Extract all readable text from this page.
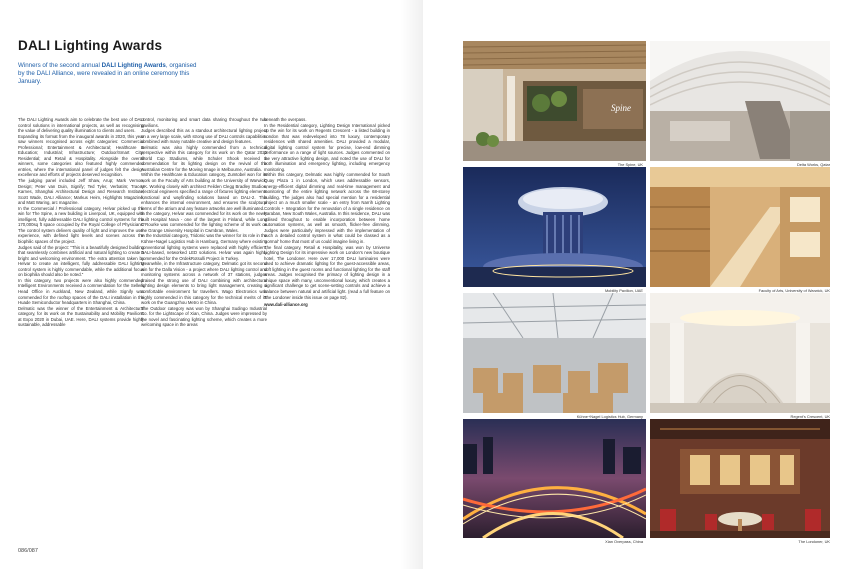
DALI Lighting Awards
Winners of the second annual DALI Lighting Awards, organised by the DALI Alliance, were revealed in an online ceremony this January.

The DALI Lighting Awards aim to celebrate the best use of DALI control solutions in international projects, as well as recognising the value of delivering quality illumination to clients and users.

Expanding its format from the inaugural awards in 2020, this year saw winners recognised across eight categories: Commercial Professional; Entertainment & Architectural; Healthcare & Education; Industrial; Infrastructure; Outdoor/Smart City; Residential; and Retail & Hospitality. Alongside the overall winners, some categories also featured highly commended entries, where the international panel of judges felt the design excellence and efforts of projects deserved recognition.

The judging panel included Jeff Shaw, Arup; Mark Vernon, Design; Peter van Duin, Signify; Ted Tyler, Verbatim; Tracey Karnes, Shanghai Architectural Design and Research Institute; Scott Wade, DALI Alliance; Markus Heim, Highlights Magazine; and Matt Waring, arc magazine.

In the Commercial / Professional category, Helvar picked up the win for The Spine, a new building in Liverpool, UK, equipped with intelligent, fully addressable DALI lighting control systems for the 170,000sq ft space occupied by the Royal College of Physicians. The control system delivers quality of light and improves the user experience, with defined light levels and scenes across the biophilic spaces of the project.

Judges said of the project: "This is a beautifully designed building that seamlessly combines artificial and natural lighting to create a bright and welcoming environment. The extra attention taken by Helvar to create an intelligent, fully addressable DALI lighting control system is highly commendable, while the additional focus on biophilia should also be noted."

In this category, two projects were also highly commended: Intelligent Environments received a commendation for the Sellers Head Office in Auckland, New Zealand, while Signify was commended for the rooftop spaces of the DALI installation in the Huade Semiconductor headquarters in Shanghai, China.

Delmatic was the winner of the Entertainment & Architectural category, for its work on the Sustainability and Mobility Pavilions at Expo 2020 in Dubai, UAE. Here, DALI systems provide highly sustainable, addressable

control, monitoring and smart data sharing throughout the two pavilions.

Judges described this as a standout architectural lighting project on a very large scale, with strong use of DALI controls capabilities combined with many notable creative and design features.

Delmatic was also highly commended from a technical perspective within this category for its work on the Qatar 2022 World Cup Stadiums, while Schuler Shook received a commendation for its lighting design on the revival of the Australian Centre for the Moving Image in Melbourne, Australia.

Within the Healthcare & Education category, Zumtobel won for its work on the Faculty of Arts building at the University of Warwick, UK. Working closely with architect Feilden Clegg Bradley Studios, electrical engineers specified a range of fixtures lighting elements functional and wayfinding solutions based on DALI-2. This enhances the internal environment, and ensures the sculptural forms of the atrium and any feature artworks are well illuminated.

In the category, Helvar was commended for its work on the newly built Hospital Nova - one of the largest in Finland, while Long O'Rourke was commended for the lighting scheme of its work on the Grange University Hospital in Cwmbran, Wales.

In the Industrial category, Tridonic was the winner for its role in the Kühne+Nagel Logistics Hub in Hamburg, Germany where existing conventional lighting systems were replaced with highly efficient, DALI-based, networked LED solutions. Helvar was again highly commended for the OrdekRotsulli Project in Turkey.

Meanwhile, in the Infrastructure category, Delmatic got its second win for the Dalla Vision - a project where DALI lighting control and monitoring systems across a network of 37 stations, judges praised the strong use of DALI combining with architectural lighting design elements to bring light management, creating a comfortable environment for travellers. Wago Electronics was highly commended in this category for the technical merits of its work on the Guangzhou Metro in China.

The Outdoor category was won by Shanghai Sudingo Industrial Co. for the Lightscape of Xian, China. Judges were impressed by the novel and fascinating lighting scheme, which creates a more welcoming space in the areas

beneath the overpass.

In the Residential category, Lighting Design International picked up the win for its work on Regents Crescent - a listed building in London that was redeveloped into 78 luxury, contemporary residences with shared amenities. DALI provided a modular, digital lighting control system for precise, low-end dimming performance on a range of light sources. Judges commented on the very attractive lighting design, and noted the use of DALI for both illumination and emergency lighting, including emergency monitoring.

Within this category, Delmatic was highly commended for South Quay Plaza 1 in London, which uses addressable sensors, energy-efficient digital dimming and real-time management and monitoring of the entire lighting network across the 68-storey building. The judges also had special mention for a residential project on a much smaller scale - an entry from Narrih Lighting Controls + Integration for the renovation of a single residence on Karaban, New South Wales, Australia. In this residence, DALI was utilised throughout to enable incorporation between home automation systems, as well as smooth, flicker-free dimming. Judges were particularly impressed with the implementation of such a detailed control system in what could be classed as a 'normal' home that most of us could imagine living in.

The final category, Retail & Hospitality, was won by Universe Lighting Design for its impressive work on London's new boutique hotel, The Londoner. Here over 17,000 DALI luminaires were used to achieve dramatic lighting for the guest-accessible areas, soft lighting in the guest rooms and functional lighting for the staff areas. Judges recognised the primacy of lighting design in a unique space with many, unconventional luxury, which creates a significant challenge to get scene-setting controls and achieve a balance between natural and artificial light. (read a full feature on The Londoner inside this issue on page 82).

www.dali-alliance.org

086/087
Spine
The Spine, UK	Delta Works, Qatar
Mobility Pavilion, UAE	Faculty of Arts, University of Warwick, UK
Kühne+Nagel Logistics Hub, Germany	Regent's Crescent, UK
Xian Overpass, China	The Londoner, UK
